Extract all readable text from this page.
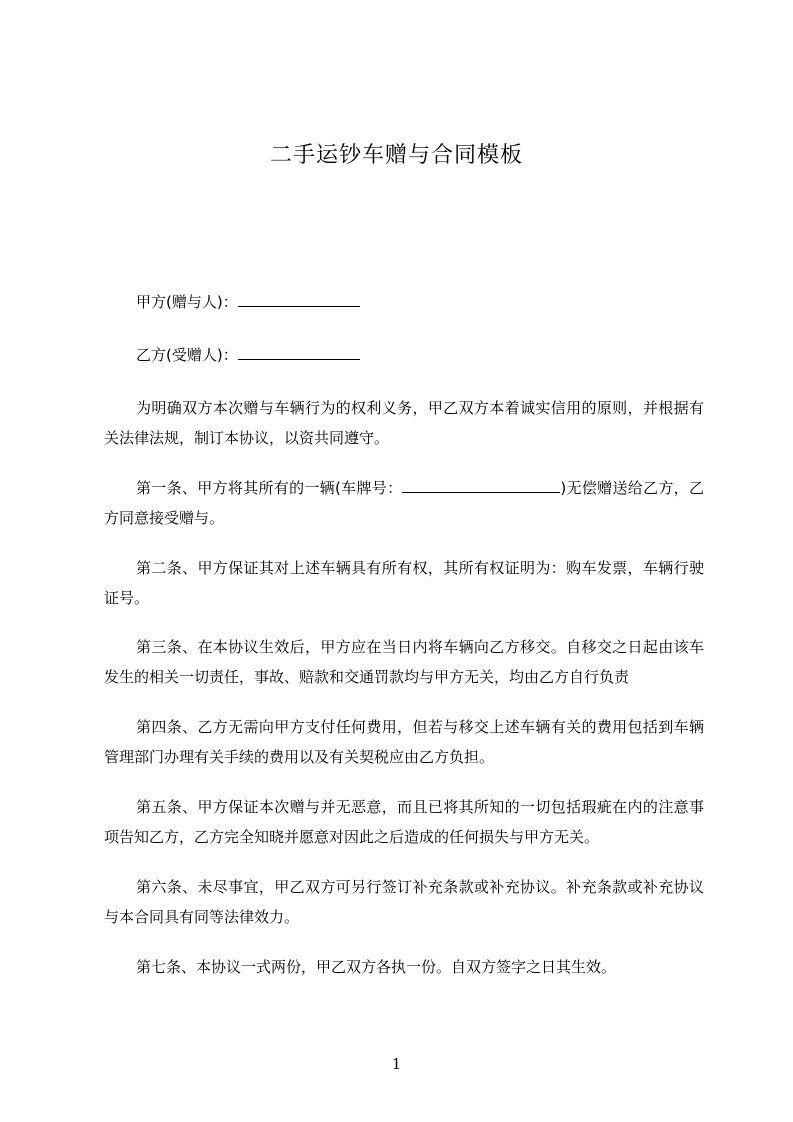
二手运钞车赠与合同模板
甲方(赠与人)：
乙方(受赠人)：
为明确双方本次赠与车辆行为的权利义务，甲乙双方本着诚实信用的原则，并根据有关法律法规，制订本协议，以资共同遵守。
第一条、甲方将其所有的一辆(车牌号：	)无偿赠送给乙方，乙方同意接受赠与。
第二条、甲方保证其对上述车辆具有所有权，其所有权证明为：购车发票，车辆行驶证号。
第三条、在本协议生效后，甲方应在当日内将车辆向乙方移交。自移交之日起由该车发生的相关一切责任，事故、赔款和交通罚款均与甲方无关，均由乙方自行负责
第四条、乙方无需向甲方支付任何费用，但若与移交上述车辆有关的费用包括到车辆管理部门办理有关手续的费用以及有关契税应由乙方负担。
第五条、甲方保证本次赠与并无恶意，而且已将其所知的一切包括瑕疵在内的注意事项告知乙方，乙方完全知晓并愿意对因此之后造成的任何损失与甲方无关。
第六条、未尽事宜，甲乙双方可另行签订补充条款或补充协议。补充条款或补充协议与本合同具有同等法律效力。
第七条、本协议一式两份，甲乙双方各执一份。自双方签字之日其生效。
1
